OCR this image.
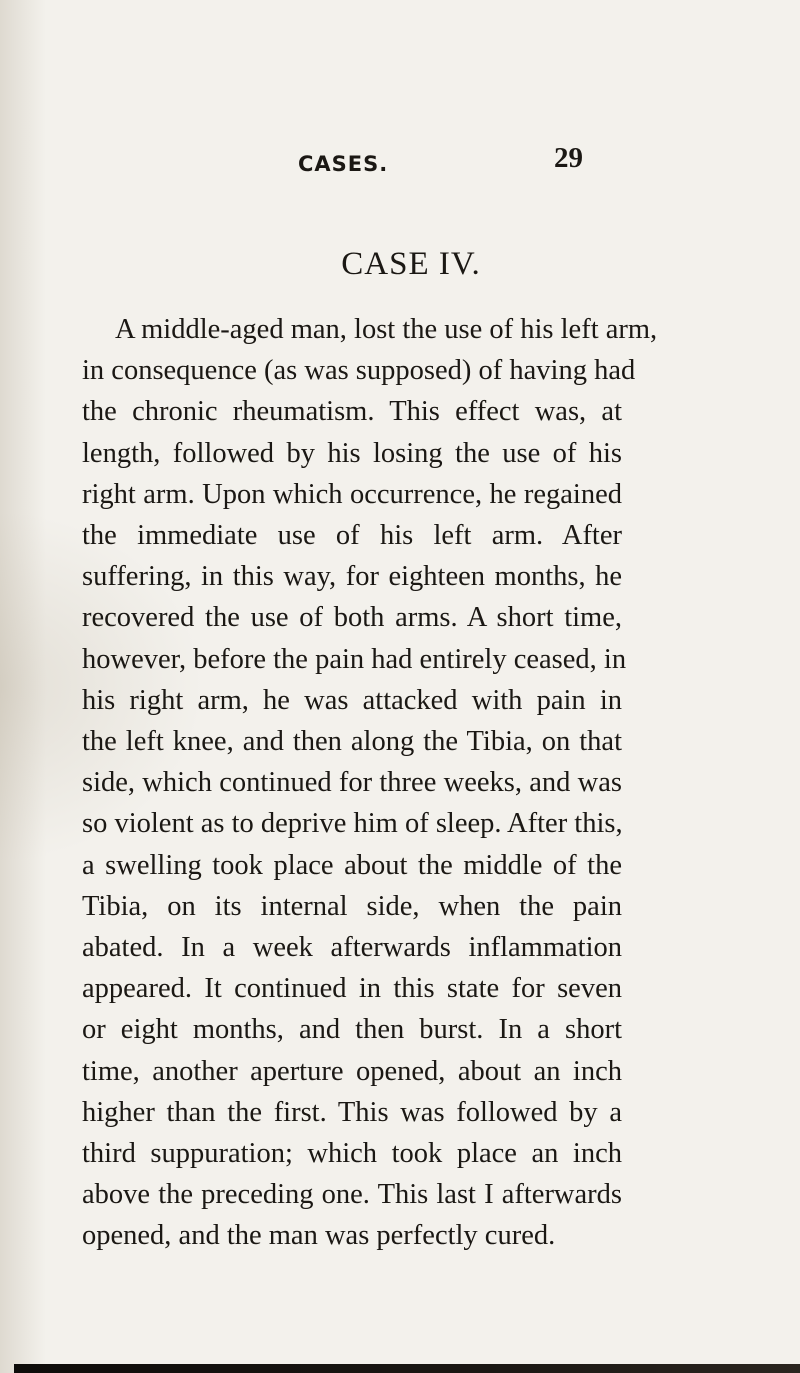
CASES.	29
CASE IV.
A middle-aged man, lost the use of his left arm,
in consequence (as was supposed) of having had
the chronic rheumatism. This effect was, at
length, followed by his losing the use of his
right arm. Upon which occurrence, he regained
the immediate use of his left arm. After
suffering, in this way, for eighteen months, he
recovered the use of both arms. A short time,
however, before the pain had entirely ceased, in
his right arm, he was attacked with pain in
the left knee, and then along the Tibia, on that
side, which continued for three weeks, and was
so violent as to deprive him of sleep. After this,
a swelling took place about the middle of the
Tibia, on its internal side, when the pain
abated. In a week afterwards inflammation
appeared. It continued in this state for seven
or eight months, and then burst. In a short
time, another aperture opened, about an inch
higher than the first. This was followed by a
third suppuration; which took place an inch
above the preceding one. This last I afterwards
opened, and the man was perfectly cured.
